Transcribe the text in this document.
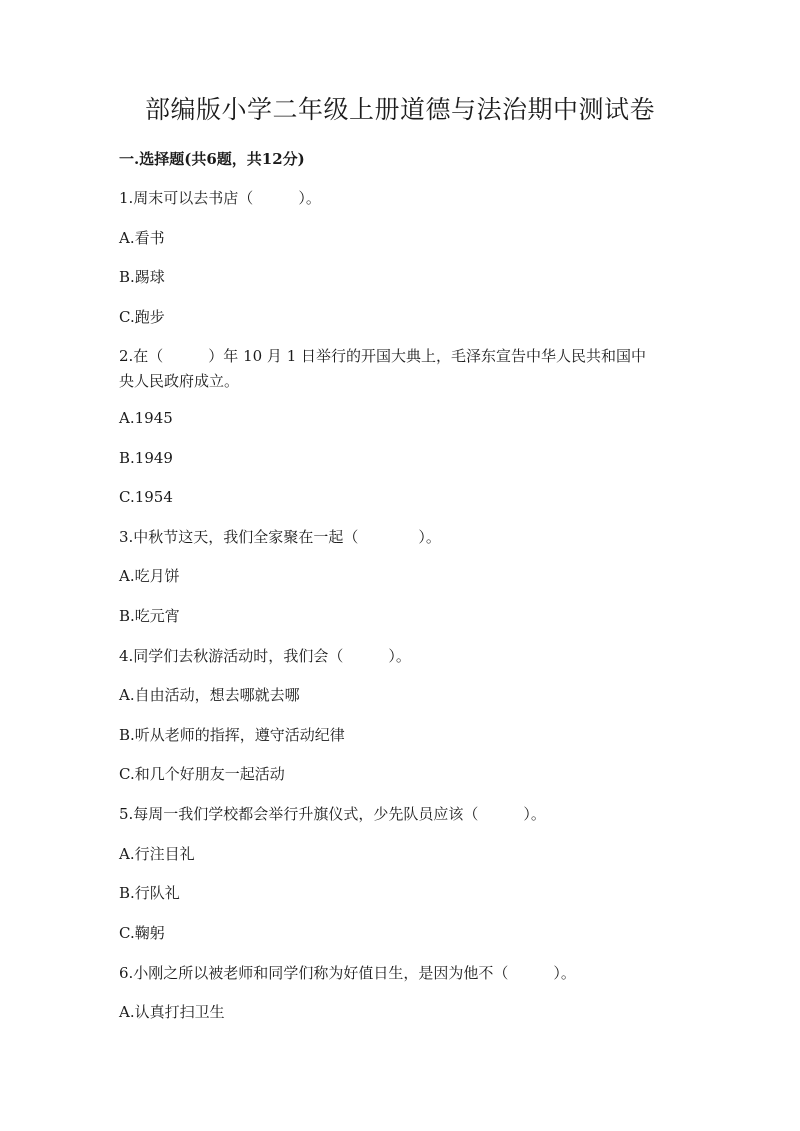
部编版小学二年级上册道德与法治期中测试卷
一.选择题(共6题，共12分)
1.周末可以去书店（　　　）。
A.看书
B.踢球
C.跑步
2.在（　　　）年 10 月 1 日举行的开国大典上，毛泽东宣告中华人民共和国中
央人民政府成立。
A.1945
B.1949
C.1954
3.中秋节这天，我们全家聚在一起（　　　　）。
A.吃月饼
B.吃元宵
4.同学们去秋游活动时，我们会（　　　）。
A.自由活动，想去哪就去哪
B.听从老师的指挥，遵守活动纪律
C.和几个好朋友一起活动
5.每周一我们学校都会举行升旗仪式，少先队员应该（　　　）。
A.行注目礼
B.行队礼
C.鞠躬
6.小刚之所以被老师和同学们称为好值日生，是因为他不（　　　）。
A.认真打扫卫生
